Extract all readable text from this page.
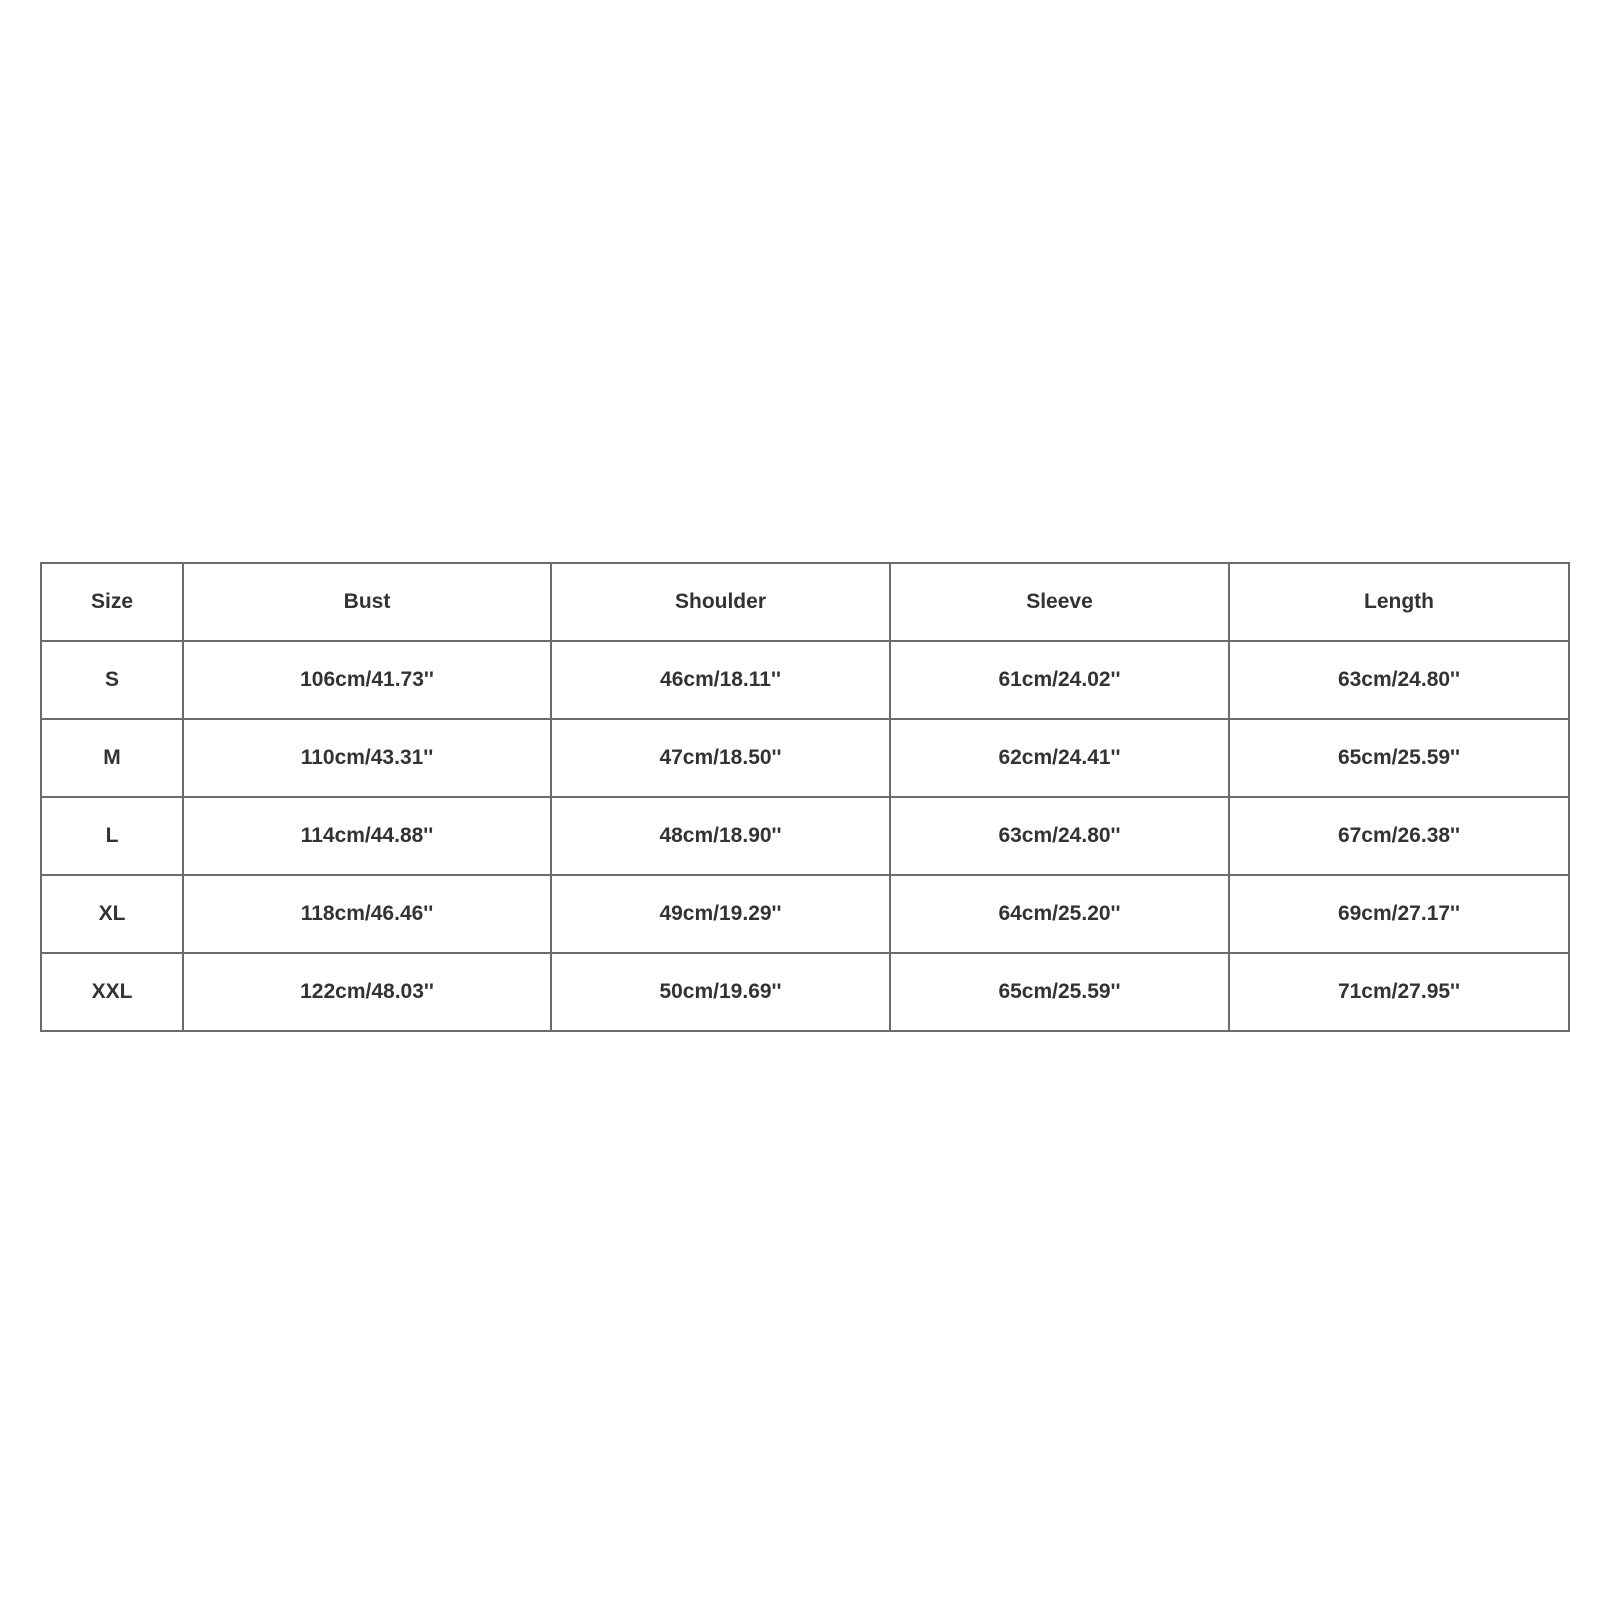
Size	Bust	Shoulder	Sleeve	Length
S	106cm/41.73''	46cm/18.11''	61cm/24.02''	63cm/24.80''
M	110cm/43.31''	47cm/18.50''	62cm/24.41''	65cm/25.59''
L	114cm/44.88''	48cm/18.90''	63cm/24.80''	67cm/26.38''
XL	118cm/46.46''	49cm/19.29''	64cm/25.20''	69cm/27.17''
XXL	122cm/48.03''	50cm/19.69''	65cm/25.59''	71cm/27.95''
